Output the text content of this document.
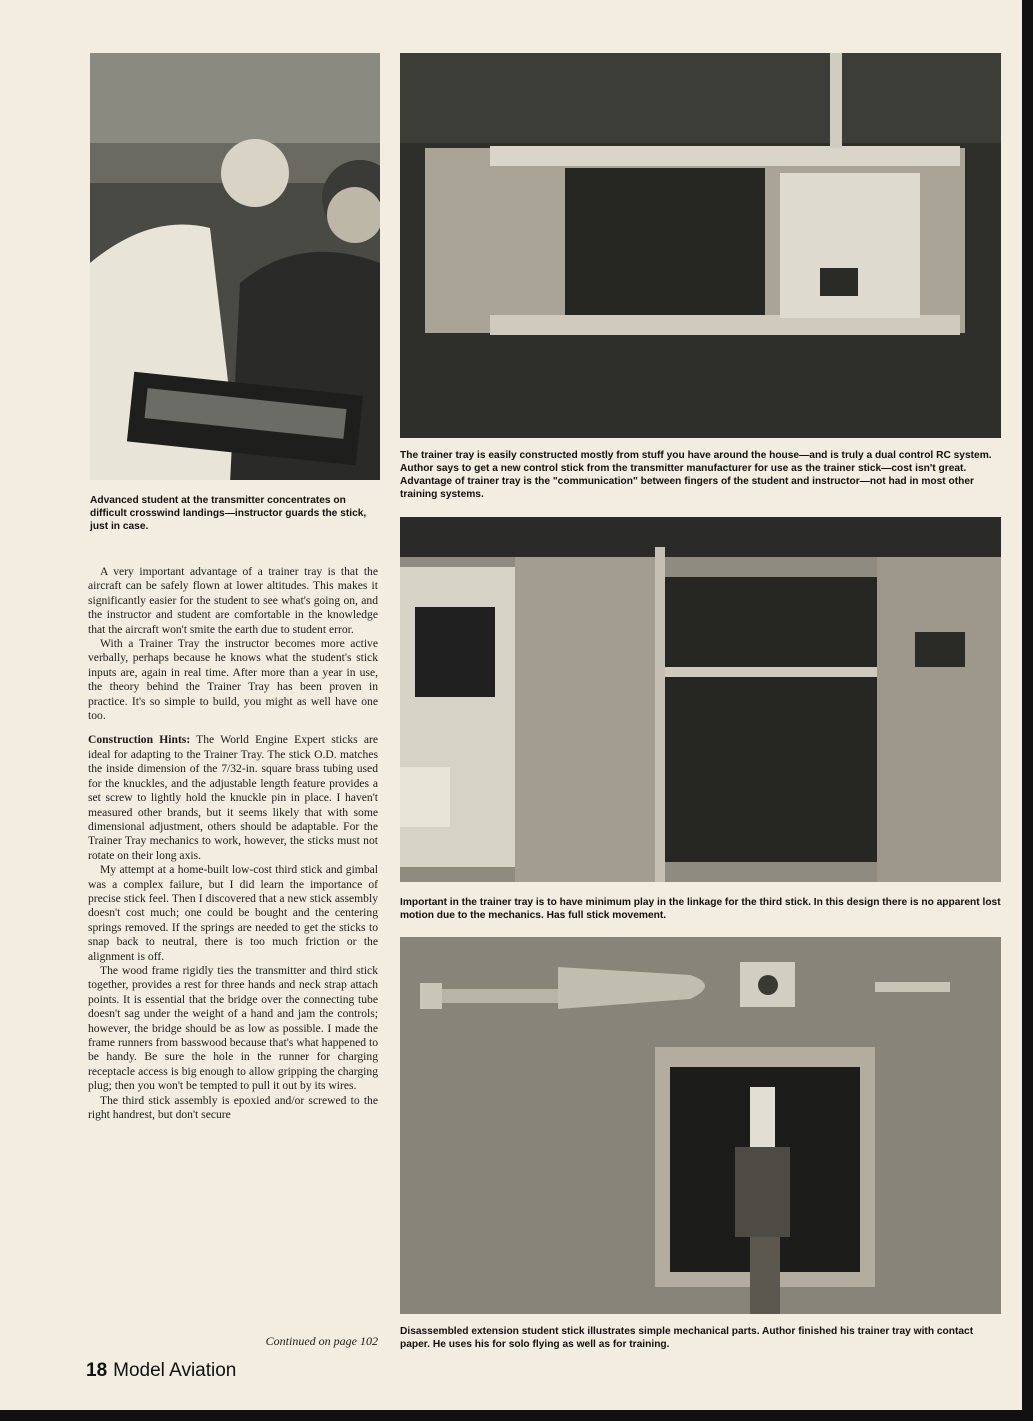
Advanced student at the transmitter concentrates on difficult crosswind landings—instructor guards the stick, just in case.

The trainer tray is easily constructed mostly from stuff you have around the house—and is truly a dual control RC system. Author says to get a new control stick from the transmitter manufacturer for use as the trainer stick—cost isn't great. Advantage of trainer tray is the "communication" between fingers of the student and instructor—not had in most other training systems.

Important in the trainer tray is to have minimum play in the linkage for the third stick. In this design there is no apparent lost motion due to the mechanics. Has full stick movement.

Disassembled extension student stick illustrates simple mechanical parts. Author finished his trainer tray with contact paper. He uses his for solo flying as well as for training.

A very important advantage of a trainer tray is that the aircraft can be safely flown at lower altitudes. This makes it significantly easier for the student to see what's going on, and the instructor and student are comfortable in the knowledge that the aircraft won't smite the earth due to student error.

With a Trainer Tray the instructor becomes more active verbally, perhaps because he knows what the student's stick inputs are, again in real time. After more than a year in use, the theory behind the Trainer Tray has been proven in practice. It's so simple to build, you might as well have one too.

Construction Hints: The World Engine Expert sticks are ideal for adapting to the Trainer Tray. The stick O.D. matches the inside dimension of the 7/32-in. square brass tubing used for the knuckles, and the adjustable length feature provides a set screw to lightly hold the knuckle pin in place. I haven't measured other brands, but it seems likely that with some dimensional adjustment, others should be adaptable. For the Trainer Tray mechanics to work, however, the sticks must not rotate on their long axis.

My attempt at a home-built low-cost third stick and gimbal was a complex failure, but I did learn the importance of precise stick feel. Then I discovered that a new stick assembly doesn't cost much; one could be bought and the centering springs removed. If the springs are needed to get the sticks to snap back to neutral, there is too much friction or the alignment is off.

The wood frame rigidly ties the transmitter and third stick together, provides a rest for three hands and neck strap attach points. It is essential that the bridge over the connecting tube doesn't sag under the weight of a hand and jam the controls; however, the bridge should be as low as possible. I made the frame runners from basswood because that's what happened to be handy. Be sure the hole in the runner for charging receptacle access is big enough to allow gripping the charging plug; then you won't be tempted to pull it out by its wires.

The third stick assembly is epoxied and/or screwed to the right handrest, but don't secure

Continued on page 102
18 Model Aviation
